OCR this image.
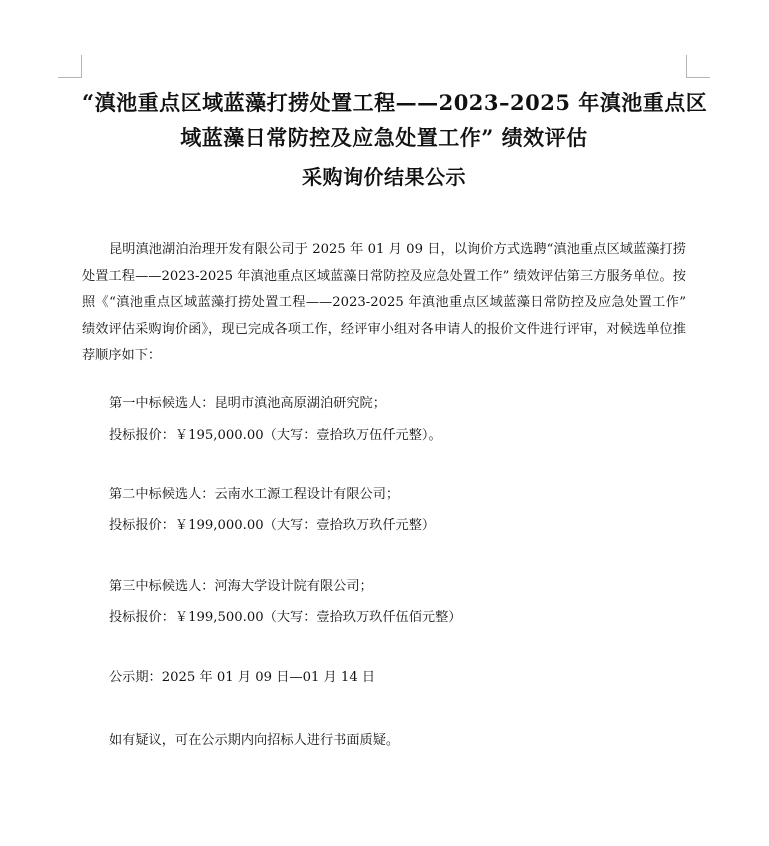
“滇池重点区域蓝藻打捞处置工程——2023–2025 年滇池重点区
域蓝藻日常防控及应急处置工作” 绩效评估
采购询价结果公示
昆明滇池湖泊治理开发有限公司于 2025 年 01 月 09 日，以询价方式选聘“滇池重点区域蓝藻打捞处置工程——2023-2025 年滇池重点区域蓝藻日常防控及应急处置工作” 绩效评估第三方服务单位。按照《“滇池重点区域蓝藻打捞处置工程——2023-2025 年滇池重点区域蓝藻日常防控及应急处置工作” 绩效评估采购询价函》，现已完成各项工作，经评审小组对各申请人的报价文件进行评审，对候选单位推荐顺序如下：
第一中标候选人：昆明市滇池高原湖泊研究院；
投标报价：￥195,000.00（大写：壹拾玖万伍仟元整）。
第二中标候选人：云南水工源工程设计有限公司；
投标报价：￥199,000.00（大写：壹拾玖万玖仟元整）
第三中标候选人：河海大学设计院有限公司；
投标报价：￥199,500.00（大写：壹拾玖万玖仟伍佰元整）
公示期：2025 年 01 月 09 日—01 月 14 日
如有疑议，可在公示期内向招标人进行书面质疑。
